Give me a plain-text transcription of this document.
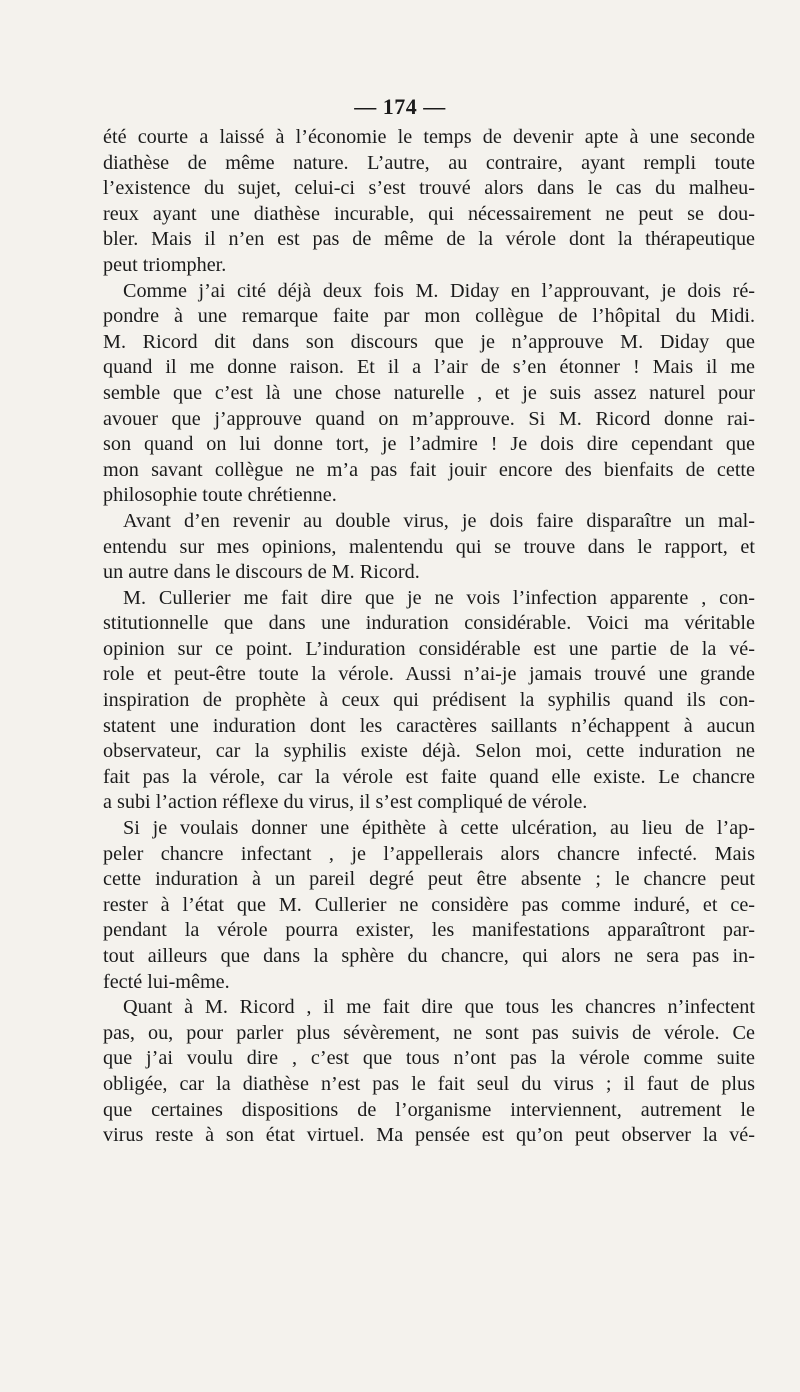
— 174 —
été courte a laissé à l’économie le temps de devenir apte à une seconde
diathèse de même nature. L’autre, au contraire, ayant rempli toute
l’existence du sujet, celui-ci s’est trouvé alors dans le cas du malheu-
reux ayant une diathèse incurable, qui nécessairement ne peut se dou-
bler. Mais il n’en est pas de même de la vérole dont la thérapeutique
peut triompher.
Comme j’ai cité déjà deux fois M. Diday en l’approuvant, je dois ré-
pondre à une remarque faite par mon collègue de l’hôpital du Midi.
M. Ricord dit dans son discours que je n’approuve M. Diday que
quand il me donne raison. Et il a l’air de s’en étonner ! Mais il me
semble que c’est là une chose naturelle , et je suis assez naturel pour
avouer que j’approuve quand on m’approuve. Si M. Ricord donne rai-
son quand on lui donne tort, je l’admire ! Je dois dire cependant que
mon savant collègue ne m’a pas fait jouir encore des bienfaits de cette
philosophie toute chrétienne.
Avant d’en revenir au double virus, je dois faire disparaître un mal-
entendu sur mes opinions, malentendu qui se trouve dans le rapport, et
un autre dans le discours de M. Ricord.
M. Cullerier me fait dire que je ne vois l’infection apparente , con-
stitutionnelle que dans une induration considérable. Voici ma véritable
opinion sur ce point. L’induration considérable est une partie de la vé-
role et peut-être toute la vérole. Aussi n’ai-je jamais trouvé une grande
inspiration de prophète à ceux qui prédisent la syphilis quand ils con-
statent une induration dont les caractères saillants n’échappent à aucun
observateur, car la syphilis existe déjà. Selon moi, cette induration ne
fait pas la vérole, car la vérole est faite quand elle existe. Le chancre
a subi l’action réflexe du virus, il s’est compliqué de vérole.
Si je voulais donner une épithète à cette ulcération, au lieu de l’ap-
peler chancre infectant , je l’appellerais alors chancre infecté. Mais
cette induration à un pareil degré peut être absente ; le chancre peut
rester à l’état que M. Cullerier ne considère pas comme induré, et ce-
pendant la vérole pourra exister, les manifestations apparaîtront par-
tout ailleurs que dans la sphère du chancre, qui alors ne sera pas in-
fecté lui-même.
Quant à M. Ricord , il me fait dire que tous les chancres n’infectent
pas, ou, pour parler plus sévèrement, ne sont pas suivis de vérole. Ce
que j’ai voulu dire , c’est que tous n’ont pas la vérole comme suite
obligée, car la diathèse n’est pas le fait seul du virus ; il faut de plus
que certaines dispositions de l’organisme interviennent, autrement le
virus reste à son état virtuel. Ma pensée est qu’on peut observer la vé-
